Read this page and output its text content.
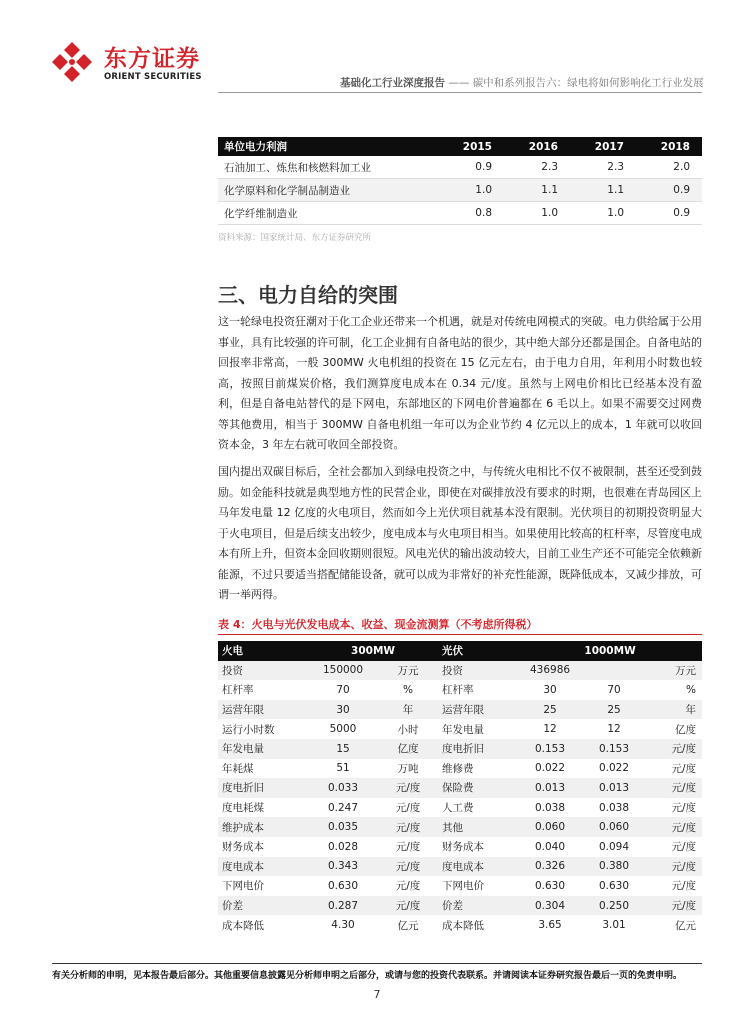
东方证券
ORIENT SECURITIES	基础化工行业深度报告 —— 碳中和系列报告六：绿电将如何影响化工行业发展
单位电力利润	2015	2016	2017	2018
石油加工、炼焦和核燃料加工业	0.9	2.3	2.3	2.0
化学原料和化学制品制造业	1.0	1.1	1.1	0.9
化学纤维制造业	0.8	1.0	1.0	0.9
资料来源：国家统计局、东方证券研究所
三、电力自给的突围

这一轮绿电投资狂潮对于化工企业还带来一个机遇，就是对传统电网模式的突破。电力供给属于公用事业，具有比较强的许可制，化工企业拥有自备电站的很少，其中绝大部分还都是国企。自备电站的回报率非常高，一般 300MW 火电机组的投资在 15 亿元左右，由于电力自用，年利用小时数也较高，按照目前煤炭价格，我们测算度电成本在 0.34 元/度。虽然与上网电价相比已经基本没有盈利，但是自备电站替代的是下网电，东部地区的下网电价普遍都在 6 毛以上。如果不需要交过网费等其他费用，相当于 300MW 自备电机组一年可以为企业节约 4 亿元以上的成本，1 年就可以收回资本金，3 年左右就可收回全部投资。

国内提出双碳目标后，全社会都加入到绿电投资之中，与传统火电相比不仅不被限制，甚至还受到鼓励。如金能科技就是典型地方性的民营企业，即使在对碳排放没有要求的时期，也很难在青岛园区上马年发电量 12 亿度的火电项目，然而如今上光伏项目就基本没有限制。光伏项目的初期投资明显大于火电项目，但是后续支出较少，度电成本与火电项目相当。如果使用比较高的杠杆率，尽管度电成本有所上升，但资本金回收期则很短。风电光伏的输出波动较大，目前工业生产还不可能完全依赖新能源，不过只要适当搭配储能设备，就可以成为非常好的补充性能源，既降低成本，又减少排放，可谓一举两得。

表 4：火电与光伏发电成本、收益、现金流测算（不考虑所得税）
火电	300MW		光伏	1000MW		
投资	150000	万元	投资	436986		万元
杠杆率	70	%	杠杆率	30	70	%
运营年限	30	年	运营年限	25	25	年
运行小时数	5000	小时	年发电量	12	12	亿度
年发电量	15	亿度	度电折旧	0.153	0.153	元/度
年耗煤	51	万吨	维修费	0.022	0.022	元/度
度电折旧	0.033	元/度	保险费	0.013	0.013	元/度
度电耗煤	0.247	元/度	人工费	0.038	0.038	元/度
维护成本	0.035	元/度	其他	0.060	0.060	元/度
财务成本	0.028	元/度	财务成本	0.040	0.094	元/度
度电成本	0.343	元/度	度电成本	0.326	0.380	元/度
下网电价	0.630	元/度	下网电价	0.630	0.630	元/度
价差	0.287	元/度	价差	0.304	0.250	元/度
成本降低	4.30	亿元	成本降低	3.65	3.01	亿元
有关分析师的申明，见本报告最后部分。其他重要信息披露见分析师申明之后部分，或请与您的投资代表联系。并请阅读本证券研究报告最后一页的免责申明。
7
